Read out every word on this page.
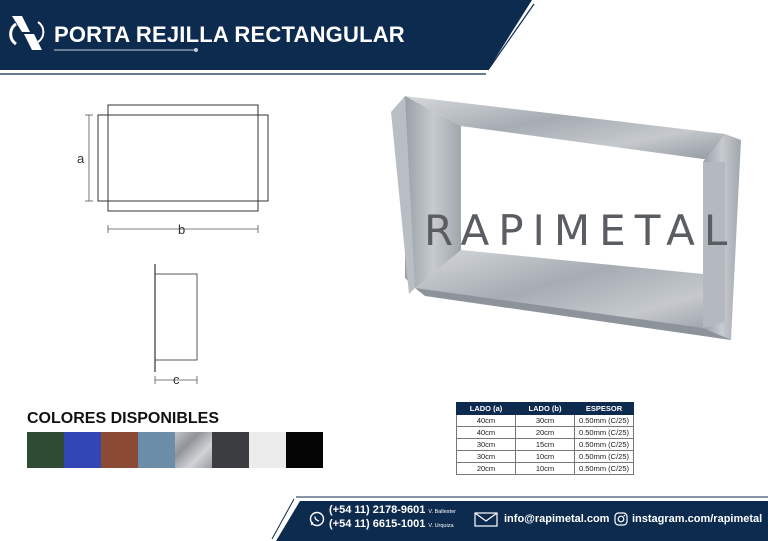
PORTA REJILLA RECTANGULAR
a
b
c
RAPIMETAL
COLORES DISPONIBLES
LADO (a)	LADO (b)	ESPESOR
40cm	30cm	0.50mm (C/25)
40cm	20cm	0.50mm (C/25)
30cm	15cm	0.50mm (C/25)
30cm	10cm	0.50mm (C/25)
20cm	10cm	0.50mm (C/25)
(+54 11) 2178-9601 V. Ballester
(+54 11) 6615-1001 V. Urquiza
info@rapimetal.com instagram.com/rapimetal
